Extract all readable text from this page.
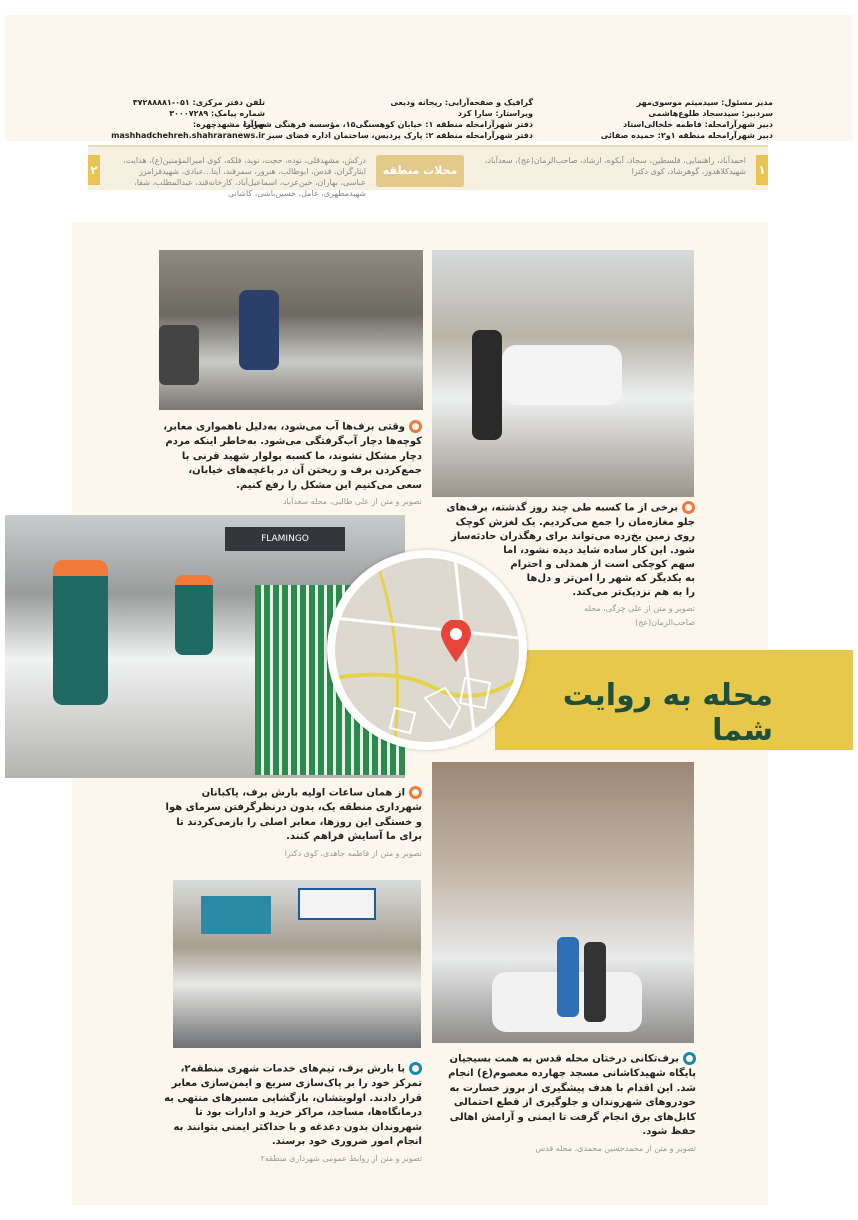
مدیر مسئول: سیدمیثم موسوی‌مهر
سردبیر: سیدسجاد طلوع‌هاشمی
دبیر شهرآرامحله: فاطمه خلخالی‌استاد
دبیر شهرآرامحله منطقه ۱و۲: حمیده صفائی
گرافیک و صفحه‌آرایی: ریحانه ودیعی
ویراستار: سارا کرد
دفتر شهرآرامحله منطقه ۱: خیابان کوهسنگی۱۵، مؤسسه فرهنگی شهرآرا
دفتر شهرآرامحله منطقه ۲: پارک پردیس، ساختمان اداره فضای سبز
تلفن دفتر مرکزی: ۰۵۱-۳۷۲۸۸۸۸۱
شماره پیامک: ۳۰۰۰۷۲۸۹
سایت مشهدچهره:
mashhadchehreh.shahraranews.ir
۱
احمدآباد، راهنمایی، فلسطین، سجاد، آبکوه، ارشاد، صاحب‌الزمان(عج)، سعدآباد، شهیدکلاهدوز، گوهرشاد، کوی دکترا
محلات منطقه ما
درکش، مشهدقلی، نوده، حجت، نوید، فلکه، کوی امیرالمؤمنین(ع)، هدایت، ایثارگران، قدس، ابوطالب، هنرور، سمرقند، آیتا...عبادی، شهیدفرامرز عباسی، بهاران، خین‌عرب، اسماعیل‌آباد، کارخانه‌قند، عبدالمطلب، شفا، شهیدمطهری، عامل، حسین‌باشی، کاشانی
۲
FLAMINGO
وقتی برف‌ها آب می‌شود، به‌دلیل ناهمواری معابر، کوچه‌ها دچار آب‌گرفتگی می‌شود. به‌خاطر اینکه مردم دچار مشکل نشوند، ما کسبه بولوار شهید قرنی با جمع‌کردن برف و ریختن آن در باغچه‌های خیابان، سعی می‌کنیم این مشکل را رفع کنیم.
تصویر و متن از علی طالبی، محله سعدآباد
برخی از ما کسبه طی چند روز گذشته، برف‌های جلو مغازه‌مان را جمع می‌کردیم. یک لغزش کوچک روی زمین یخ‌زده می‌تواند برای رهگذران حادثه‌ساز شود. این کار ساده شاید دیده نشود، اما سهم کوچکی است از همدلی و احترام به یکدیگر که شهر را امن‌تر و دل‌ها را به هم نزدیک‌تر می‌کند.
تصویر و متن از علی چزگی، محله صاحب‌الزمان(عج)
از همان ساعات اولیه بارش برف، پاکبانان شهرداری منطقه یک، بدون درنظرگرفتن سرمای هوا و خستگی این روزها، معابر اصلی را بازمی‌کردند تا برای ما آسایش فراهم کنند.
تصویر و متن از فاطمه جاهدی، کوی دکترا
با بارش برف، تیم‌های خدمات شهری منطقه۲، تمرکز خود را بر پاک‌سازی سریع و ایمن‌سازی معابر قرار دادند. اولویتشان، بازگشایی مسیرهای منتهی به درمانگاه‌ها، مساجد، مراکز خرید و ادارات بود تا شهروندان بدون دغدغه و با حداکثر ایمنی بتوانند به انجام امور ضروری خود برسند.
تصویر و متن از روابط عمومی شهرداری منطقه۲
برف‌تکانی درختان محله قدس به همت بسیجیان پایگاه شهیدکاشانی مسجد چهارده معصوم(ع) انجام شد. این اقدام با هدف پیشگیری از بروز خسارت به خودروهای شهروندان و جلوگیری از قطع احتمالی کابل‌های برق انجام گرفت تا ایمنی و آرامش اهالی حفظ شود.
تصویر و متن از محمدحسین محمدی، محله قدس
محله به روایت شما
